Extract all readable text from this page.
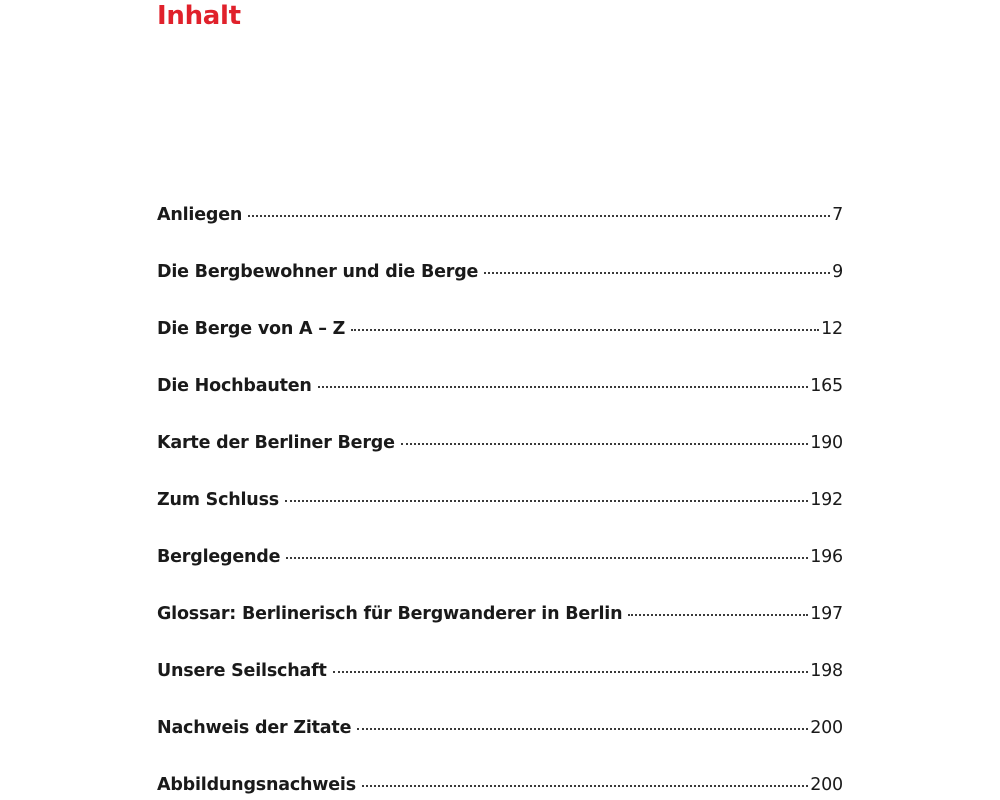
Inhalt
Anliegen	7
Die Bergbewohner und die Berge	9
Die Berge von A – Z	12
Die Hochbauten	165
Karte der Berliner Berge	190
Zum Schluss	192
Berglegende	196
Glossar: Berlinerisch für Bergwanderer in Berlin	197
Unsere Seilschaft	198
Nachweis der Zitate	200
Abbildungsnachweis	200
